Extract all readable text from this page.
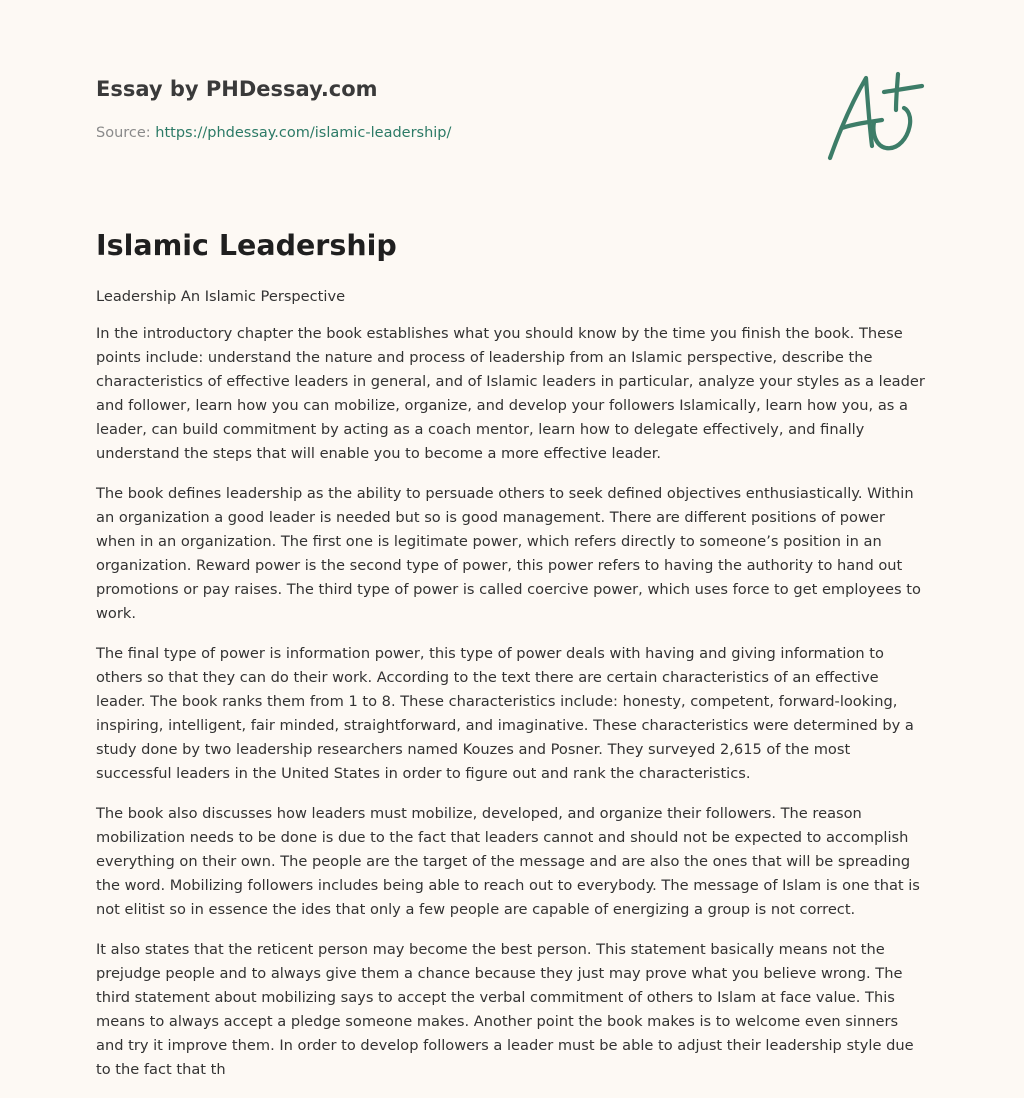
Essay by PHDessay.com
Source: https://phdessay.com/islamic-leadership/
Islamic Leadership

Leadership An Islamic Perspective

In the introductory chapter the book establishes what you should know by the time you finish the book. These points include: understand the nature and process of leadership from an Islamic perspective, describe the characteristics of effective leaders in general, and of Islamic leaders in particular, analyze your styles as a leader and follower, learn how you can mobilize, organize, and develop your followers Islamically, learn how you, as a leader, can build commitment by acting as a coach mentor, learn how to delegate effectively, and finally understand the steps that will enable you to become a more effective leader.

The book defines leadership as the ability to persuade others to seek defined objectives enthusiastically. Within an organization a good leader is needed but so is good management. There are different positions of power when in an organization. The first one is legitimate power, which refers directly to someone’s position in an organization. Reward power is the second type of power, this power refers to having the authority to hand out promotions or pay raises. The third type of power is called coercive power, which uses force to get employees to work.

The final type of power is information power, this type of power deals with having and giving information to others so that they can do their work. According to the text there are certain characteristics of an effective leader. The book ranks them from 1 to 8. These characteristics include: honesty, competent, forward-looking, inspiring, intelligent, fair minded, straightforward, and imaginative. These characteristics were determined by a study done by two leadership researchers named Kouzes and Posner. They surveyed 2,615 of the most successful leaders in the United States in order to figure out and rank the characteristics.

The book also discusses how leaders must mobilize, developed, and organize their followers. The reason mobilization needs to be done is due to the fact that leaders cannot and should not be expected to accomplish everything on their own. The people are the target of the message and are also the ones that will be spreading the word. Mobilizing followers includes being able to reach out to everybody. The message of Islam is one that is not elitist so in essence the ides that only a few people are capable of energizing a group is not correct.

It also states that the reticent person may become the best person. This statement basically means not the prejudge people and to always give them a chance because they just may prove what you believe wrong. The third statement about mobilizing says to accept the verbal commitment of others to Islam at face value. This means to always accept a pledge someone makes. Another point the book makes is to welcome even sinners and try it improve them. In order to develop followers a leader must be able to adjust their leadership style due to the fact that th
